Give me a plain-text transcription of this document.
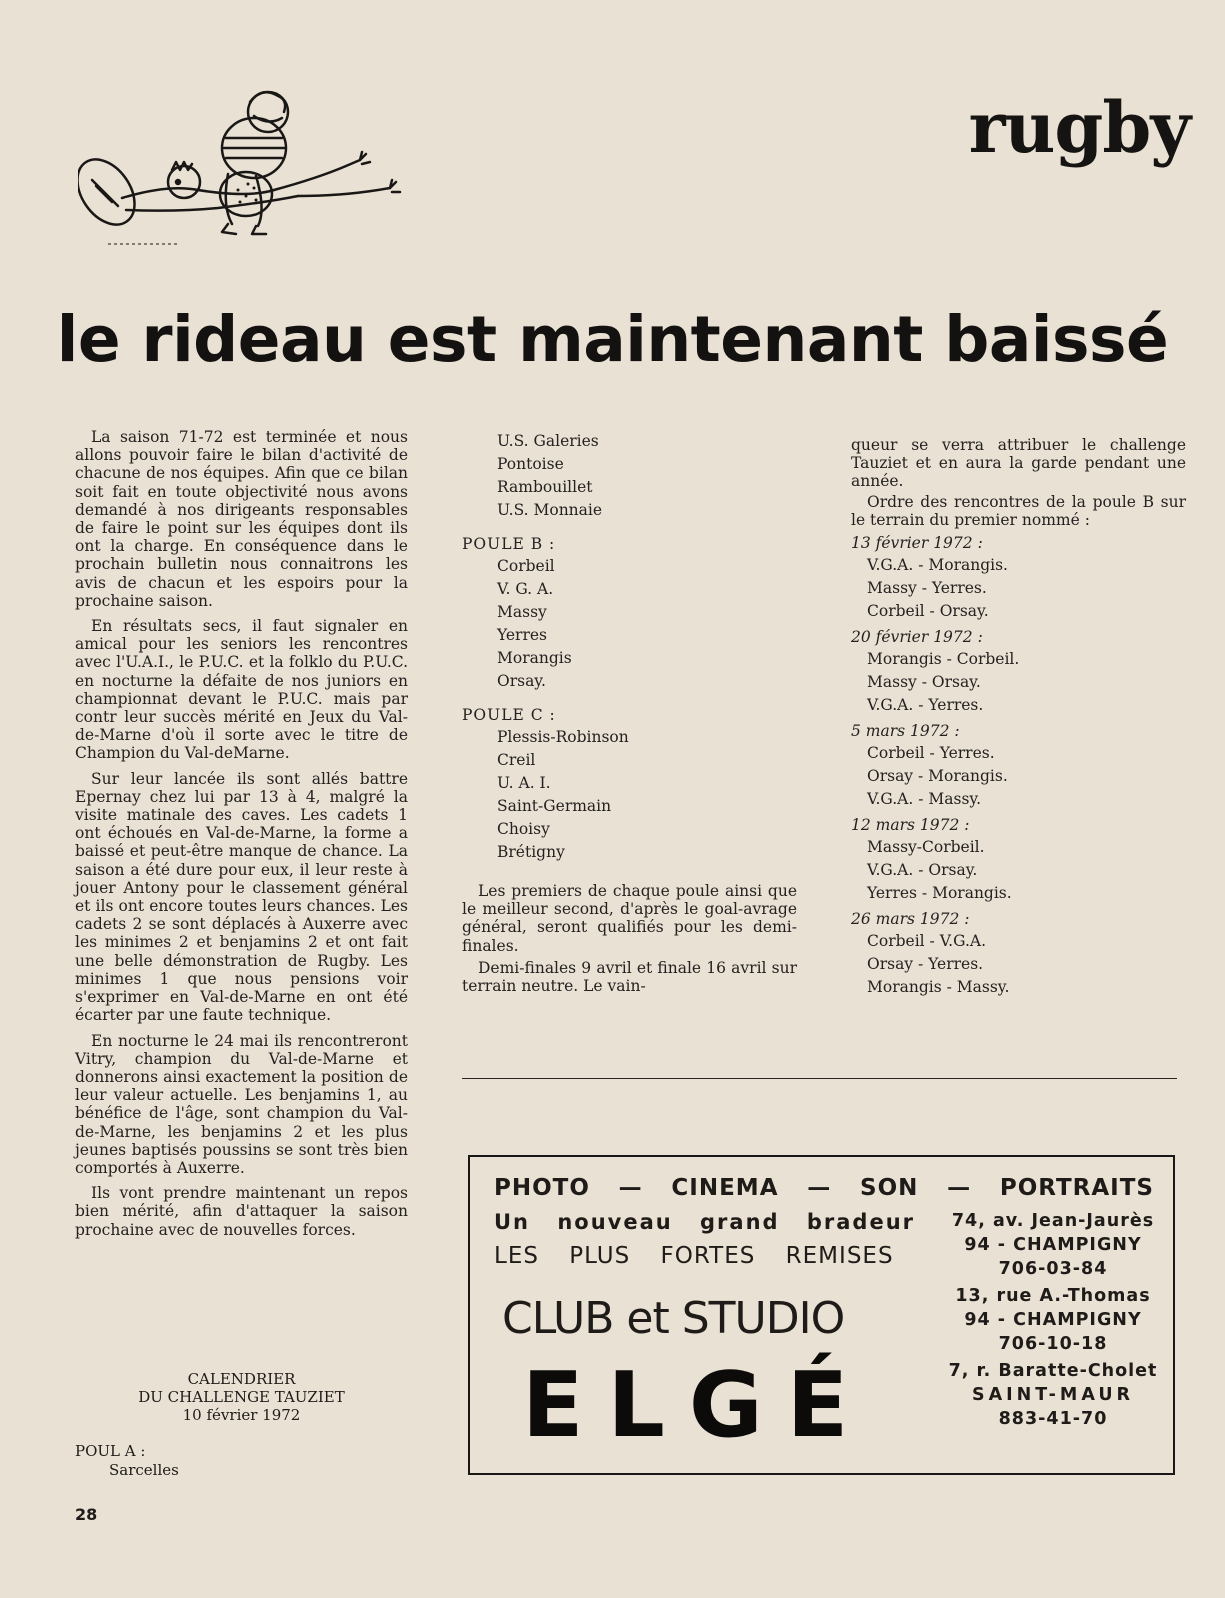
rugby
le rideau est maintenant baissé

La saison 71-72 est terminée et nous allons pouvoir faire le bilan d'activité de chacune de nos équipes. Afin que ce bilan soit fait en toute objectivité nous avons demandé à nos dirigeants responsables de faire le point sur les équipes dont ils ont la charge. En conséquence dans le prochain bulletin nous connaitrons les avis de chacun et les espoirs pour la prochaine saison.

En résultats secs, il faut signaler en amical pour les seniors les rencontres avec l'U.A.I., le P.U.C. et la folklo du P.U.C. en nocturne la défaite de nos juniors en championnat devant le P.U.C. mais par contr leur succès mérité en Jeux du Val-de-Marne d'où il sorte avec le titre de Champion du Val-deMarne.

Sur leur lancée ils sont allés battre Epernay chez lui par 13 à 4, malgré la visite matinale des caves. Les cadets 1 ont échoués en Val-de-Marne, la forme a baissé et peut-être manque de chance. La saison a été dure pour eux, il leur reste à jouer Antony pour le classement général et ils ont encore toutes leurs chances. Les cadets 2 se sont déplacés à Auxerre avec les minimes 2 et benjamins 2 et ont fait une belle démonstration de Rugby. Les minimes 1 que nous pensions voir s'exprimer en Val-de-Marne en ont été écarter par une faute technique.

En nocturne le 24 mai ils rencontreront Vitry, champion du Val-de-Marne et donnerons ainsi exactement la position de leur valeur actuelle. Les benjamins 1, au bénéfice de l'âge, sont champion du Val-de-Marne, les benjamins 2 et les plus jeunes baptisés poussins se sont très bien comportés à Auxerre.

Ils vont prendre maintenant un repos bien mérité, afin d'attaquer la saison prochaine avec de nouvelles forces.

CALENDRIER
DU CHALLENGE TAUZIET
10 février 1972
POUL A :
Sarcelles
28
U.S. Galeries
Pontoise
Rambouillet
U.S. Monnaie
POULE B :
Corbeil
V. G. A.
Massy
Yerres
Morangis
Orsay.
POULE C :
Plessis-Robinson
Creil
U. A. I.
Saint-Germain
Choisy
Brétigny

Les premiers de chaque poule ainsi que le meilleur second, d'après le goal-avrage général, seront qualifiés pour les demi-finales.

Demi-finales 9 avril et finale 16 avril sur terrain neutre. Le vain-

queur se verra attribuer le challenge Tauziet et en aura la garde pendant une année.

Ordre des rencontres de la poule B sur le terrain du premier nommé :

13 février 1972 :
V.G.A. - Morangis.
Massy - Yerres.
Corbeil - Orsay.
20 février 1972 :
Morangis - Corbeil.
Massy - Orsay.
V.G.A. - Yerres.
5 mars 1972 :
Corbeil - Yerres.
Orsay - Morangis.
V.G.A. - Massy.
12 mars 1972 :
Massy-Corbeil.
V.G.A. - Orsay.
Yerres - Morangis.
26 mars 1972 :
Corbeil - V.G.A.
Orsay - Yerres.
Morangis - Massy.
PHOTO — CINEMA — SON — PORTRAITS
Un nouveau grand bradeur
LES PLUS FORTES REMISES
CLUB et STUDIO
ELGÉ
74, av. Jean-Jaurès
94 - CHAMPIGNY
706-03-84
13, rue A.-Thomas
94 - CHAMPIGNY
706-10-18
7, r. Baratte-Cholet
SAINT-MAUR
883-41-70
